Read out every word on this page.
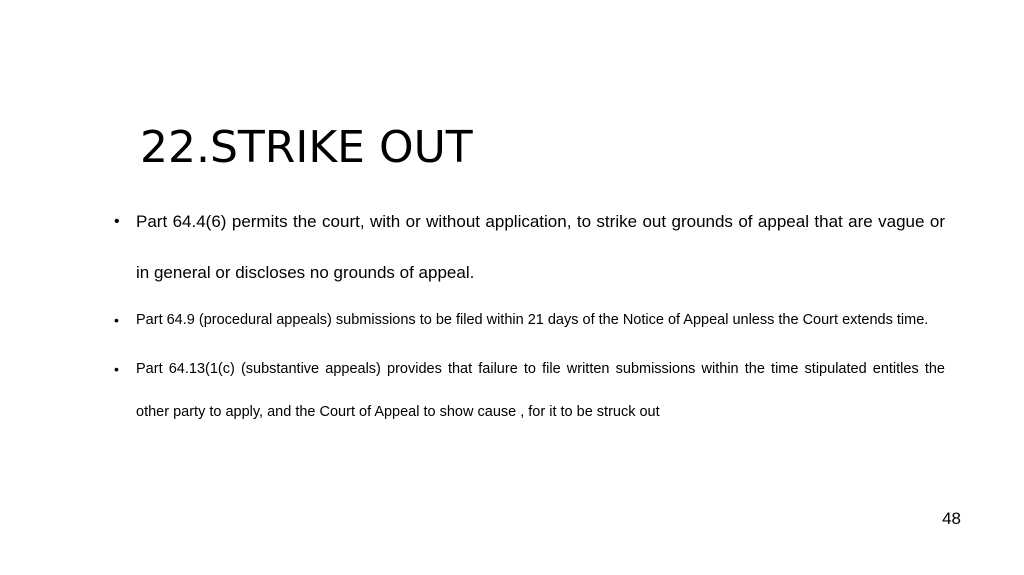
22.STRIKE OUT
• Part 64.4(6) permits the court, with or without application, to strike out grounds of appeal that are vague or in general or discloses no grounds of appeal.
• Part 64.9 (procedural appeals) submissions to be filed within 21 days of the Notice of Appeal unless the Court extends time.
• Part 64.13(1(c) (substantive appeals) provides that failure to file written submissions within the time stipulated entitles the other party to apply, and the Court of Appeal to show cause , for it to be struck out
48
